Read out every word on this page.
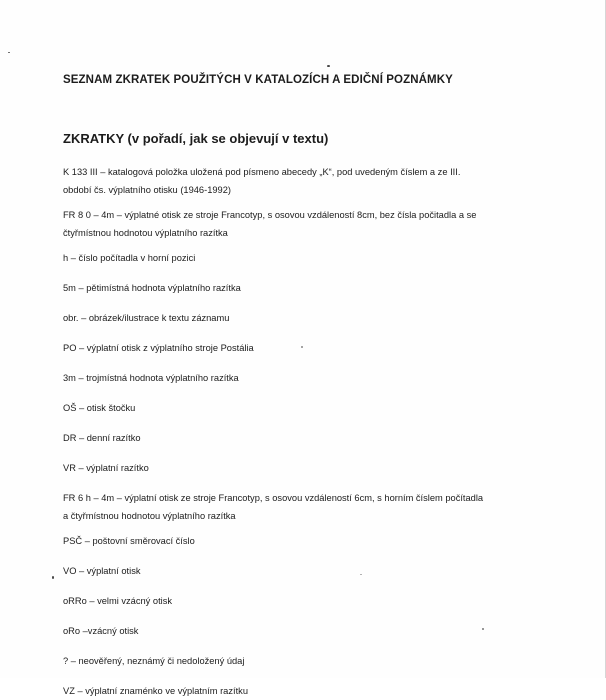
SEZNAM ZKRATEK POUŽITÝCH V KATALOZÍCH A EDIČNÍ POZNÁMKY
ZKRATKY (v pořadí, jak se objevují v textu)
K 133 III – katalogová položka uložená pod písmeno abecedy „K“, pod uvedeným číslem a ze III.
období čs. výplatního otisku (1946-1992)
FR 8 0 – 4m – výplatné otisk ze stroje Francotyp, s osovou vzdáleností 8cm, bez čísla počitadla a se
čtyřmístnou hodnotou výplatního razítka
h – číslo počítadla v horní pozici
5m – pětimístná hodnota výplatního razítka
obr. – obrázek/ilustrace k textu záznamu
PO – výplatní otisk z výplatního stroje Postália
3m – trojmístná hodnota výplatního razítka
OŠ – otisk štočku
DR – denní razítko
VR – výplatní razítko
FR 6 h – 4m – výplatní otisk ze stroje Francotyp, s osovou vzdáleností 6cm, s horním číslem počítadla
a čtyřmístnou hodnotou výplatního razítka
PSČ – poštovní směrovací číslo
VO – výplatní otisk
oRRo – velmi vzácný otisk
oRo –vzácný otisk
? – neověřený, neznámý či nedoložený údaj
VZ – výplatní znaménko ve výplatním razítku
